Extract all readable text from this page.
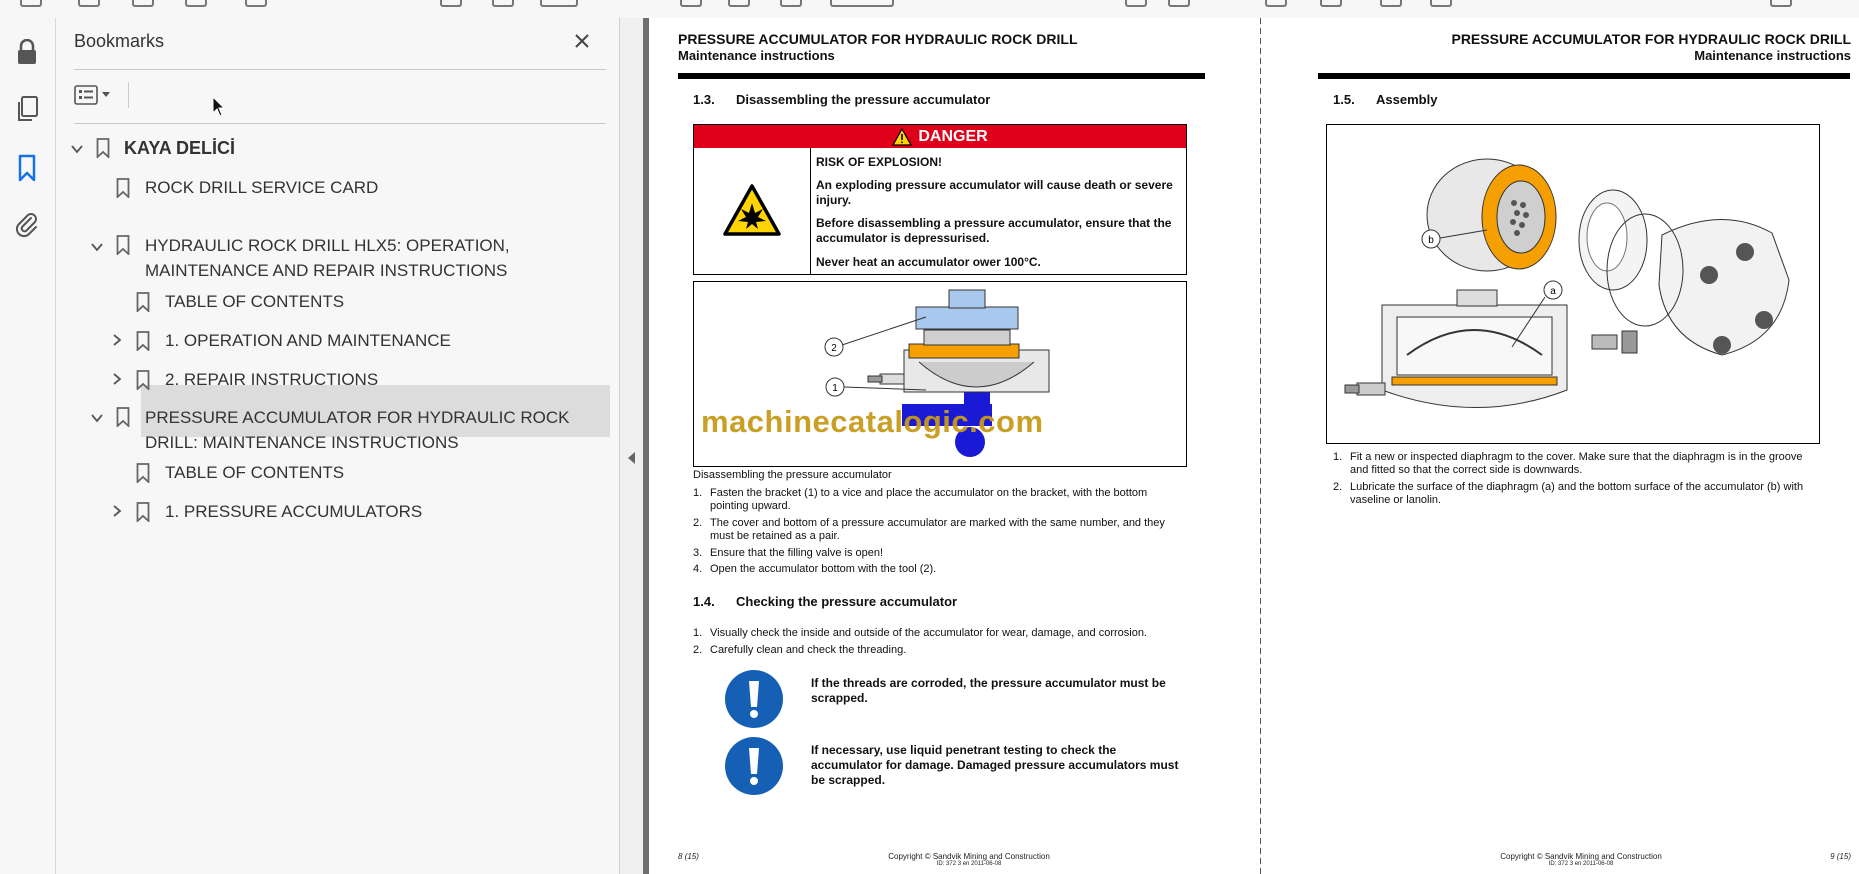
Bookmarks
KAYA DELİCİ
ROCK DRILL SERVICE CARD
HYDRAULIC ROCK DRILL HLX5: OPERATION, MAINTENANCE AND REPAIR INSTRUCTIONS
TABLE OF CONTENTS
1. OPERATION AND MAINTENANCE
2. REPAIR INSTRUCTIONS
PRESSURE ACCUMULATOR FOR HYDRAULIC ROCK DRILL: MAINTENANCE INSTRUCTIONS
TABLE OF CONTENTS
1. PRESSURE ACCUMULATORS
PRESSURE ACCUMULATOR FOR HYDRAULIC ROCK DRILL
Maintenance instructions
1.3. Disassembling the pressure accumulator
DANGER
RISK OF EXPLOSION!
An exploding pressure accumulator will cause death or severe injury.
Before disassembling a pressure accumulator, ensure that the accumulator is depressurised.
Never heat an accumulator ower 100°C.
2
1
machinecatalogic.com
Disassembling the pressure accumulator
1. Fasten the bracket (1) to a vice and place the accumulator on the bracket, with the bottom pointing upward.
2. The cover and bottom of a pressure accumulator are marked with the same number, and they must be retained as a pair.
3. Ensure that the filling valve is open!
4. Open the accumulator bottom with the tool (2).
1.4. Checking the pressure accumulator
1. Visually check the inside and outside of the accumulator for wear, damage, and corrosion.
2. Carefully clean and check the threading.
If the threads are corroded, the pressure accumulator must be scrapped.
If necessary, use liquid penetrant testing to check the accumulator for damage. Damaged pressure accumulators must be scrapped.
8 (15)	Copyright © Sandvik Mining and Construction
ID: 372 3 en 2011-06-08
PRESSURE ACCUMULATOR FOR HYDRAULIC ROCK DRILL
Maintenance instructions
1.5. Assembly
b
a
1. Fit a new or inspected diaphragm to the cover. Make sure that the diaphragm is in the groove and fitted so that the correct side is downwards.
2. Lubricate the surface of the diaphragm (a) and the bottom surface of the accumulator (b) with vaseline or lanolin.
Copyright © Sandvik Mining and Construction
ID: 372 3 en 2011-06-08
9 (15)
